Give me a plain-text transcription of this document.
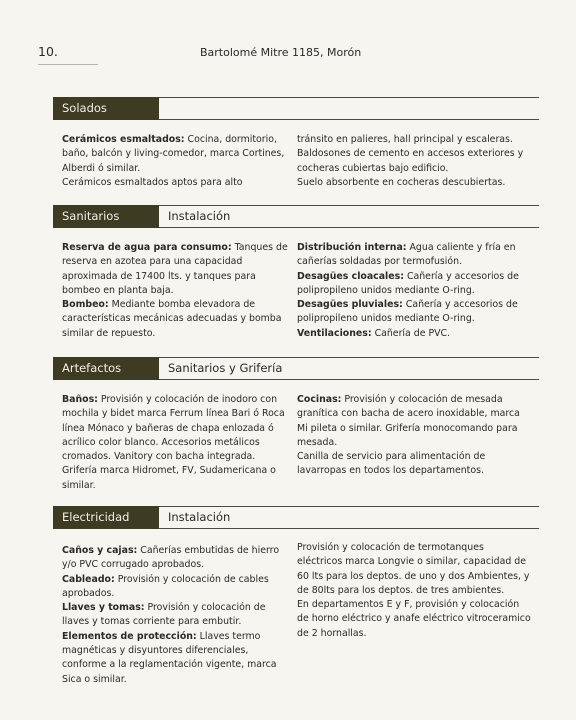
10.	Bartolomé Mitre 1185, Morón
Solados

Cerámicos esmaltados: Cocina, dormitorio, baño, balcón y living-comedor, marca Cortines, Alberdi ó similar.

Cerámicos esmaltados aptos para alto

tránsito en palieres, hall principal y escaleras.

Baldosones de cemento en accesos exteriores y cocheras cubiertas bajo edificio.

Suelo absorbente en cocheras descubiertas.

Sanitarios	Instalación

Reserva de agua para consumo: Tanques de reserva en azotea para una capacidad aproximada de 17400 lts. y tanques para bombeo en planta baja.

Bombeo: Mediante bomba elevadora de características mecánicas adecuadas y bomba similar de repuesto.

Distribución interna: Agua caliente y fría en cañerías soldadas por termofusión.

Desagües cloacales: Cañería y accesorios de polipropileno unidos mediante O-ring.

Desagües pluviales: Cañería y accesorios de polipropileno unidos mediante O-ring.

Ventilaciones: Cañería de PVC.

Artefactos	Sanitarios y Grifería

Baños: Provisión y colocación de inodoro con mochila y bidet marca Ferrum línea Bari ó Roca línea Mónaco y bañeras de chapa enlozada ó acrílico color blanco. Accesorios metálicos cromados. Vanitory con bacha integrada. Grifería marca Hidromet, FV, Sudamericana o similar.

Cocinas: Provisión y colocación de mesada granítica con bacha de acero inoxidable, marca Mi pileta o similar. Grifería monocomando para mesada.

Canilla de servicio para alimentación de lavarropas en todos los departamentos.

Electricidad	Instalación

Caños y cajas: Cañerías embutidas de hierro y/o PVC corrugado aprobados.

Cableado: Provisión y colocación de cables aprobados.

Llaves y tomas: Provisión y colocación de llaves y tomas corriente para embutir.

Elementos de protección: Llaves termo magnéticas y disyuntores diferenciales, conforme a la reglamentación vigente, marca Sica o similar.

Provisión y colocación de termotanques eléctricos marca Longvie o similar, capacidad de 60 lts para los deptos. de uno y dos Ambientes, y de 80lts para los deptos. de tres ambientes.

En departamentos E y F, provisión y colocación de horno eléctrico y anafe eléctrico vitroceramico de 2 hornallas.
